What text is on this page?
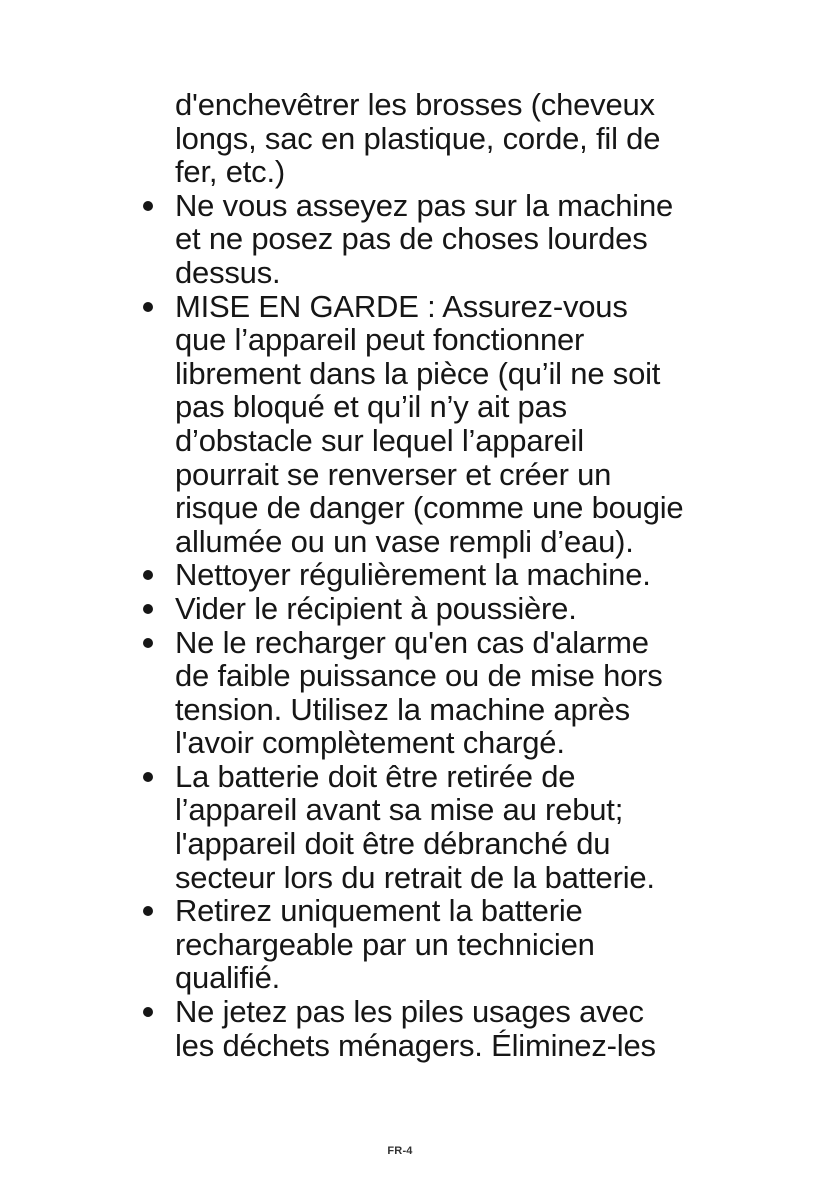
d'enchevêtrer les brosses (cheveux
longs, sac en plastique, corde, fil de
fer, etc.)
Ne vous asseyez pas sur la machine
et ne posez pas de choses lourdes
dessus.
MISE EN GARDE : Assurez-vous
que l’appareil peut fonctionner
librement dans la pièce (qu’il ne soit
pas bloqué et qu’il n’y ait pas
d’obstacle sur lequel l’appareil
pourrait se renverser et créer un
risque de danger (comme une bougie
allumée ou un vase rempli d’eau).
Nettoyer régulièrement la machine.
Vider le récipient à poussière.
Ne le recharger qu'en cas d'alarme
de faible puissance ou de mise hors
tension. Utilisez la machine après
l'avoir complètement chargé.
La batterie doit être retirée de
l’appareil avant sa mise au rebut;
l'appareil doit être débranché du
secteur lors du retrait de la batterie.
Retirez uniquement la batterie
rechargeable par un technicien
qualifié.
Ne jetez pas les piles usages avec
les déchets ménagers. Éliminez-les
FR-4
